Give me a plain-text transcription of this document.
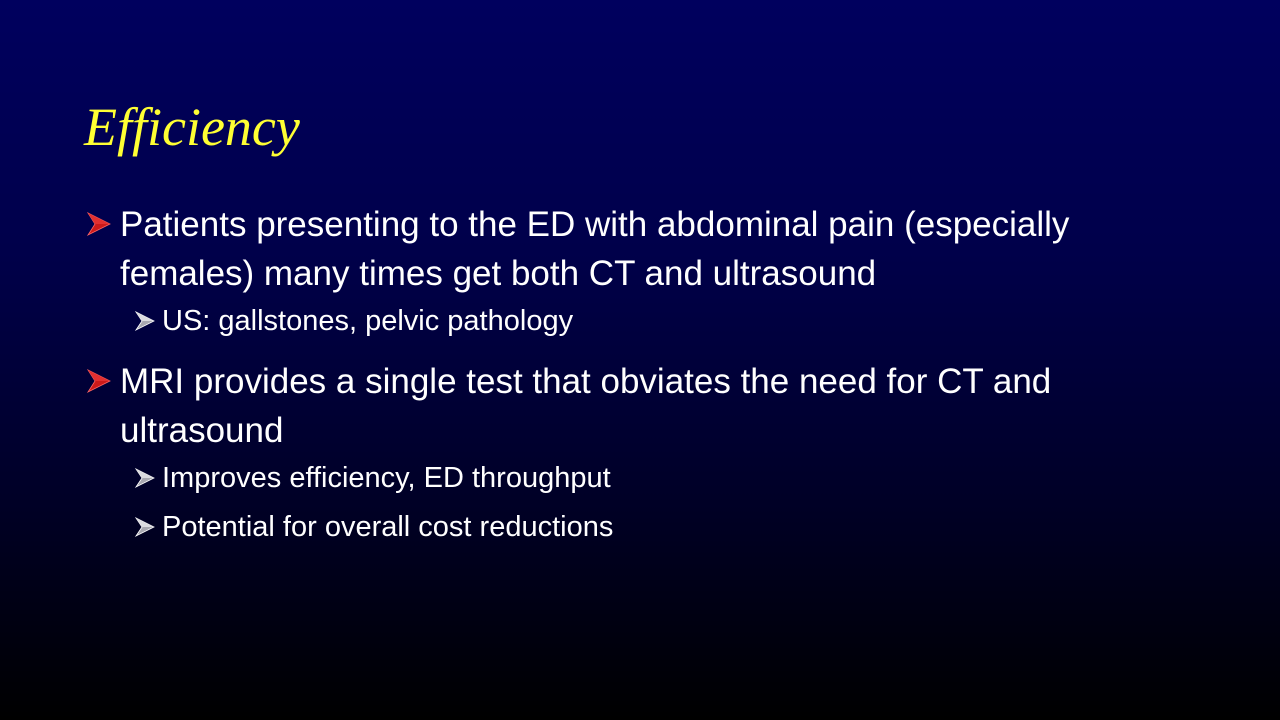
Efficiency
Patients presenting to the ED with abdominal pain (especially females) many times get both CT and ultrasound
US: gallstones, pelvic pathology
MRI provides a single test that obviates the need for CT and ultrasound
Improves efficiency, ED throughput
Potential for overall cost reductions
